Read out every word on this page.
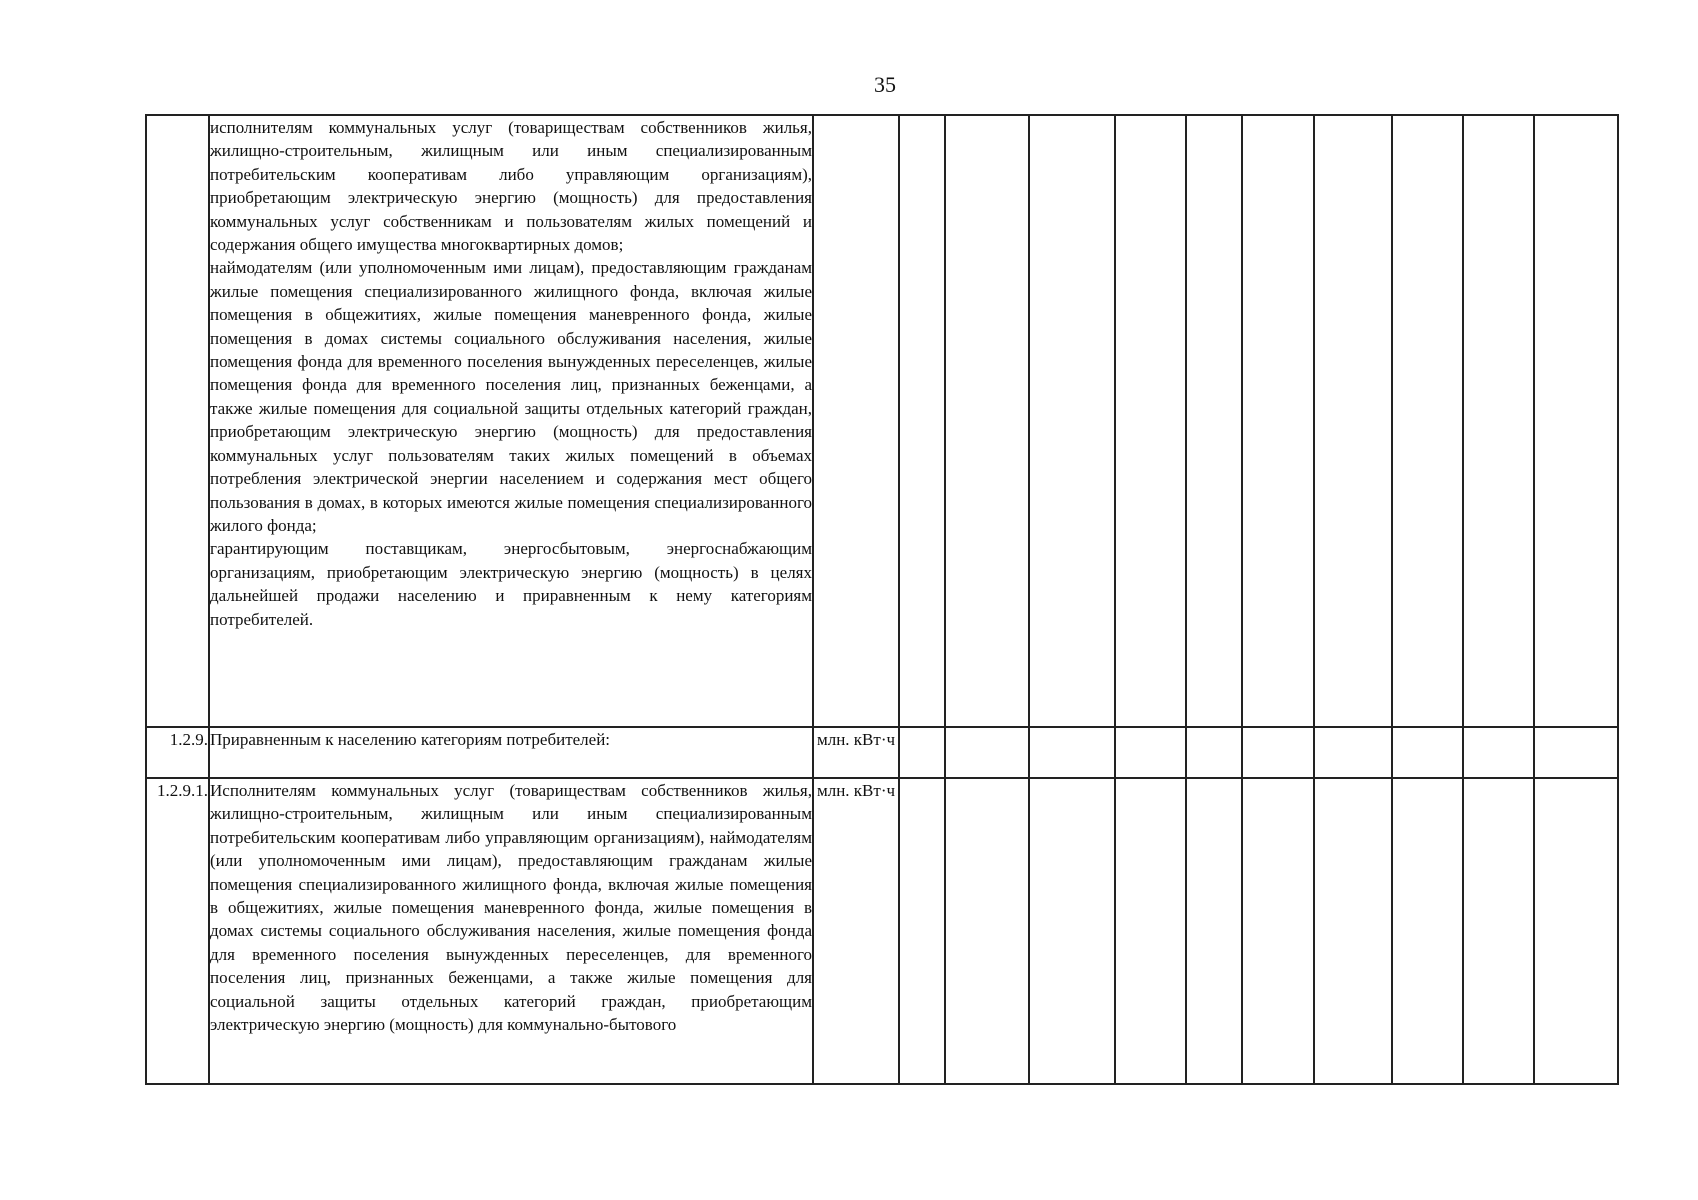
35

	исполнителям коммунальных услуг (товариществам собственников жилья, жилищно-строительным, жилищным или иным специализированным потребительским кооперативам либо управляющим организациям), приобретающим электрическую энергию (мощность) для предоставления коммунальных услуг собственникам и пользователям жилых помещений и содержания общего имущества многоквартирных домов;
наймодателям (или уполномоченным ими лицам), предоставляющим гражданам жилые помещения специализированного жилищного фонда, включая жилые помещения в общежитиях, жилые помещения маневренного фонда, жилые помещения в домах системы социального обслуживания населения, жилые помещения фонда для временного поселения вынужденных переселенцев, жилые помещения фонда для временного поселения лиц, признанных беженцами, а также жилые помещения для социальной защиты отдельных категорий граждан, приобретающим электрическую энергию (мощность) для предоставления коммунальных услуг пользователям таких жилых помещений в объемах потребления электрической энергии населением и содержания мест общего пользования в домах, в которых имеются жилые помещения специализированного жилого фонда;
гарантирующим поставщикам, энергосбытовым, энергоснабжающим организациям, приобретающим электрическую энергию (мощность) в целях дальнейшей продажи населению и приравненным к нему категориям потребителей.											

1.2.9.	Приравненным к населению категориям потребителей:	млн. кВт·ч										
1.2.9.1.	Исполнителям коммунальных услуг (товариществам собственников жилья, жилищно-строительным, жилищным или иным специализированным потребительским кооперативам либо управляющим организациям), наймодателям (или уполномоченным ими лицам), предоставляющим гражданам жилые помещения специализированного жилищного фонда, включая жилые помещения в общежитиях, жилые помещения маневренного фонда, жилые помещения в домах системы социального обслуживания населения, жилые помещения фонда для временного поселения вынужденных переселенцев, для временного поселения лиц, признанных беженцами, а также жилые помещения для социальной защиты отдельных категорий граждан, приобретающим электрическую энергию (мощность) для коммунально-бытового	млн. кВт·ч										
